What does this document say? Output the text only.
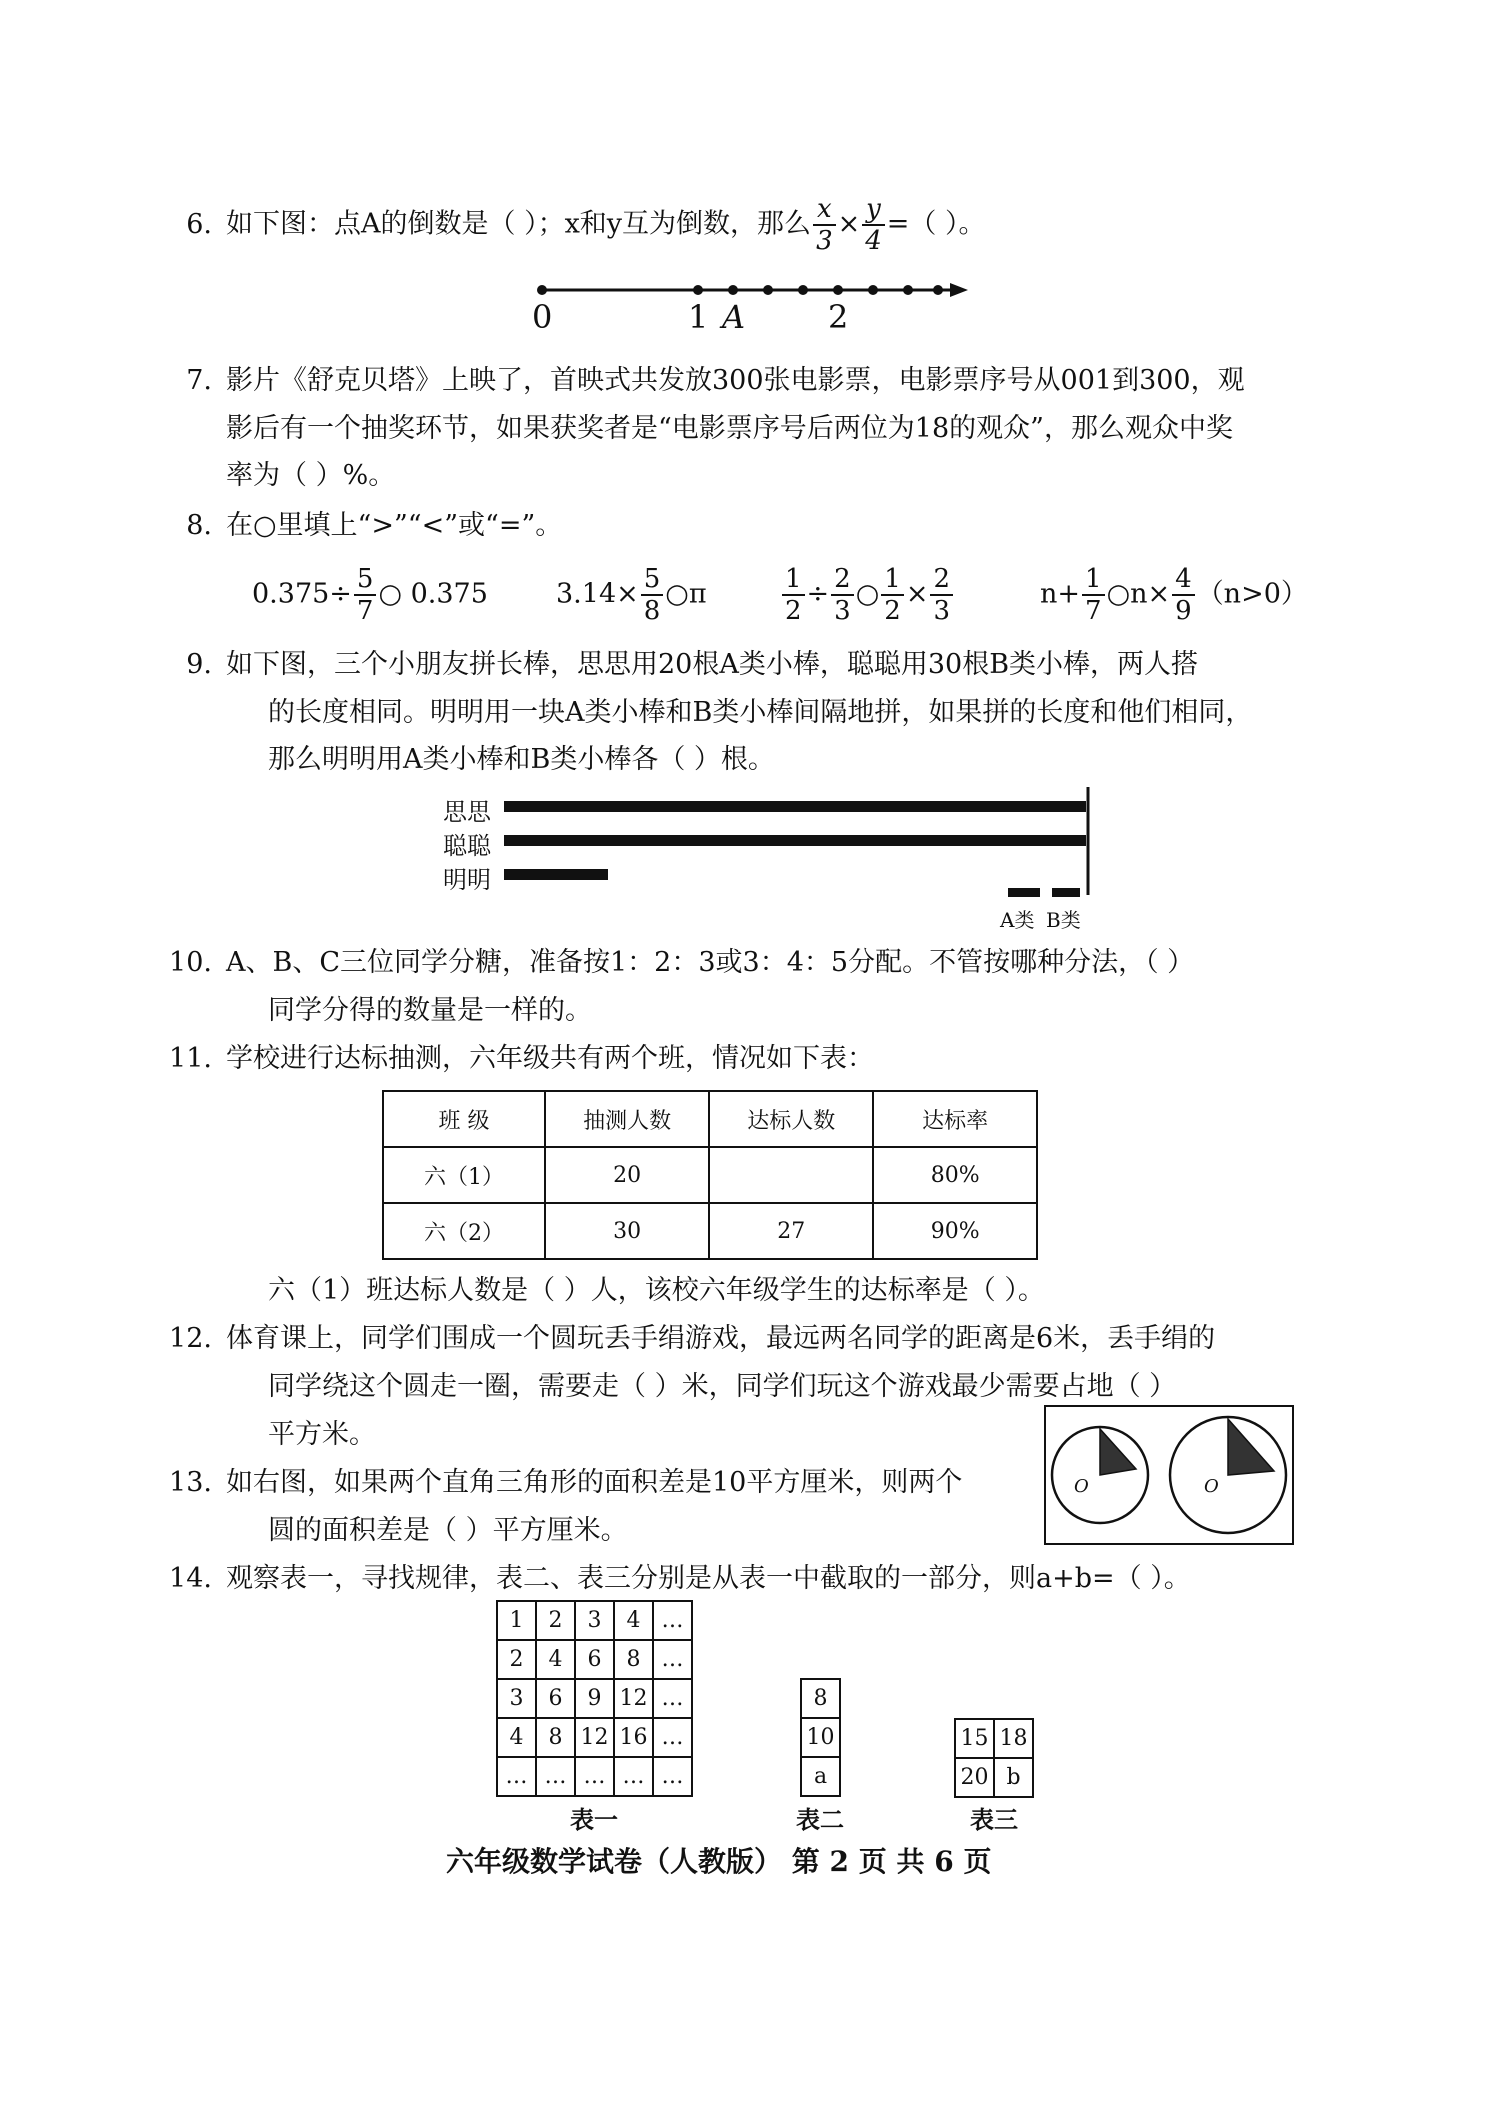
6. 如下图：点A的倒数是（ ）；x和y互为倒数，那么 $\frac{x}{3} \times \frac{y}{4}$ =（ ）。
0	1 A	2
7. 影片《舒克贝塔》上映了，首映式共发放300张电影票，电影票序号从001到300，观
影后有一个抽奖环节，如果获奖者是“电影票序号后两位为18的观众”，那么观众中奖
率为（ ）%。
8. 在○里填上“>”“<”或“=”。
$0.375\div \frac{5}{7}$ ○ 0.375	$3.14\times \frac{5}{8}$ ○π	$\frac{1}{2} \div \frac{2}{3}$ ○ $\frac{1}{2} \times \frac{2}{3}$	$n+ \frac{1}{7}$ ○n× $\frac{4}{9} (n>0)$
9. 如下图，三个小朋友拼长棒，思思用20根A类小棒，聪聪用30根B类小棒，两人搭
的长度相同。明明用一块A类小棒和B类小棒间隔地拼，如果拼的长度和他们相同，
那么明明用A类小棒和B类小棒各（ ）根。
思思
聪聪
明明
A类 B类
10. A、B、C三位同学分糖，准备按1：2：3或3：4：5分配。不管按哪种分法，（ ）
同学分得的数量是一样的。
11. 学校进行达标抽测，六年级共有两个班，情况如下表：
班 级	抽测人数	达标人数	达标率
六（1）	20		80%
六（2）	30	27	90%
六（1）班达标人数是（ ）人，该校六年级学生的达标率是（ ）。
12. 体育课上，同学们围成一个圆玩丢手绢游戏，最远两名同学的距离是6米，丢手绢的
同学绕这个圆走一圈，需要走（ ）米，同学们玩这个游戏最少需要占地（ ）
平方米。
13. 如右图，如果两个直角三角形的面积差是10平方厘米，则两个
圆的面积差是（ ）平方厘米。
O	O
14. 观察表一，寻找规律，表二、表三分别是从表一中截取的一部分，则a+b=（ ）。
1	2	3	4	…
2	4	6	8	…
3	6	9	12	…
4	8	12	16	…
…	…	…	…	…
表一
8
10
a
表二
15	18
20	b
表三
六年级数学试卷（人教版） 第 2 页 共 6 页
